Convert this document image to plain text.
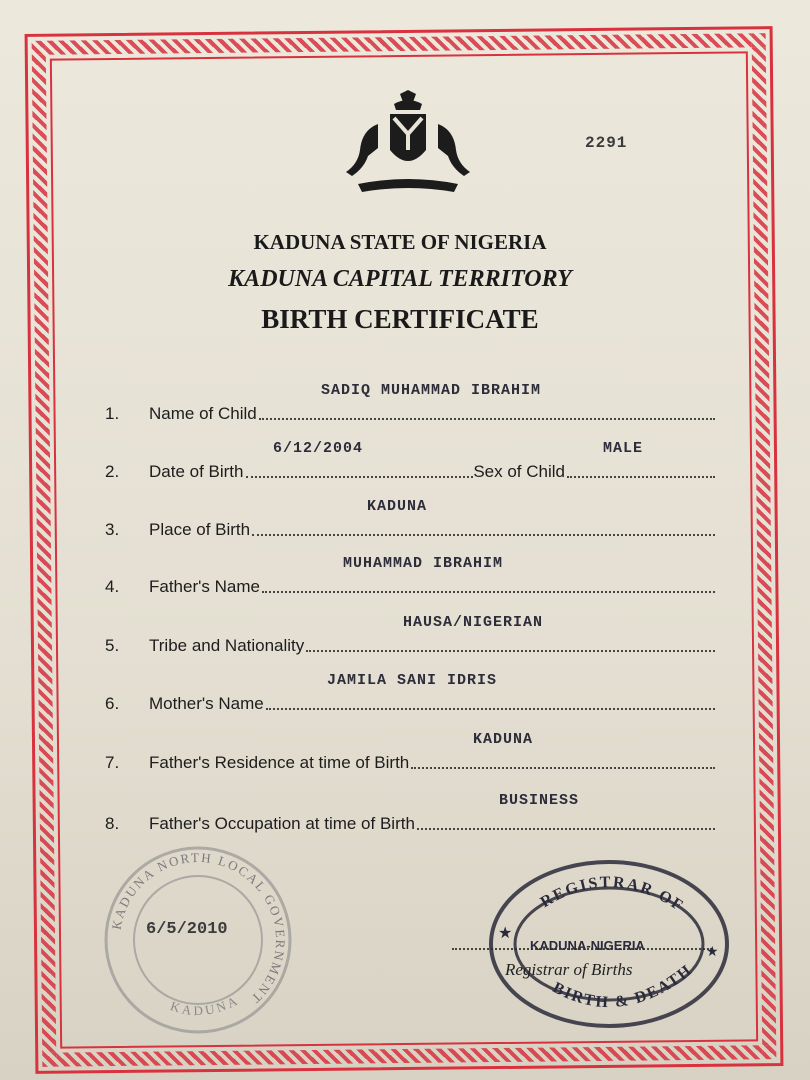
2291
KADUNA STATE OF NIGERIA
KADUNA CAPITAL TERRITORY
BIRTH CERTIFICATE
1.	Name of Child
SADIQ MUHAMMAD IBRAHIM
2.	Date of Birth	Sex of Child
6/12/2004	MALE
3.	Place of Birth
KADUNA
4.	Father's Name
MUHAMMAD IBRAHIM
5.	Tribe and Nationality
HAUSA/NIGERIAN
6.	Mother's Name
JAMILA SANI IDRIS
7.	Father's Residence at time of Birth
KADUNA
8.	Father's Occupation at time of Birth
BUSINESS
KADUNA NORTH LOCAL GOVERNMENT
KADUNA
6/5/2010
REGISTRAR OF
KADUNA-NIGERIA
BIRTH & DEATH
★
★
Registrar of Births
